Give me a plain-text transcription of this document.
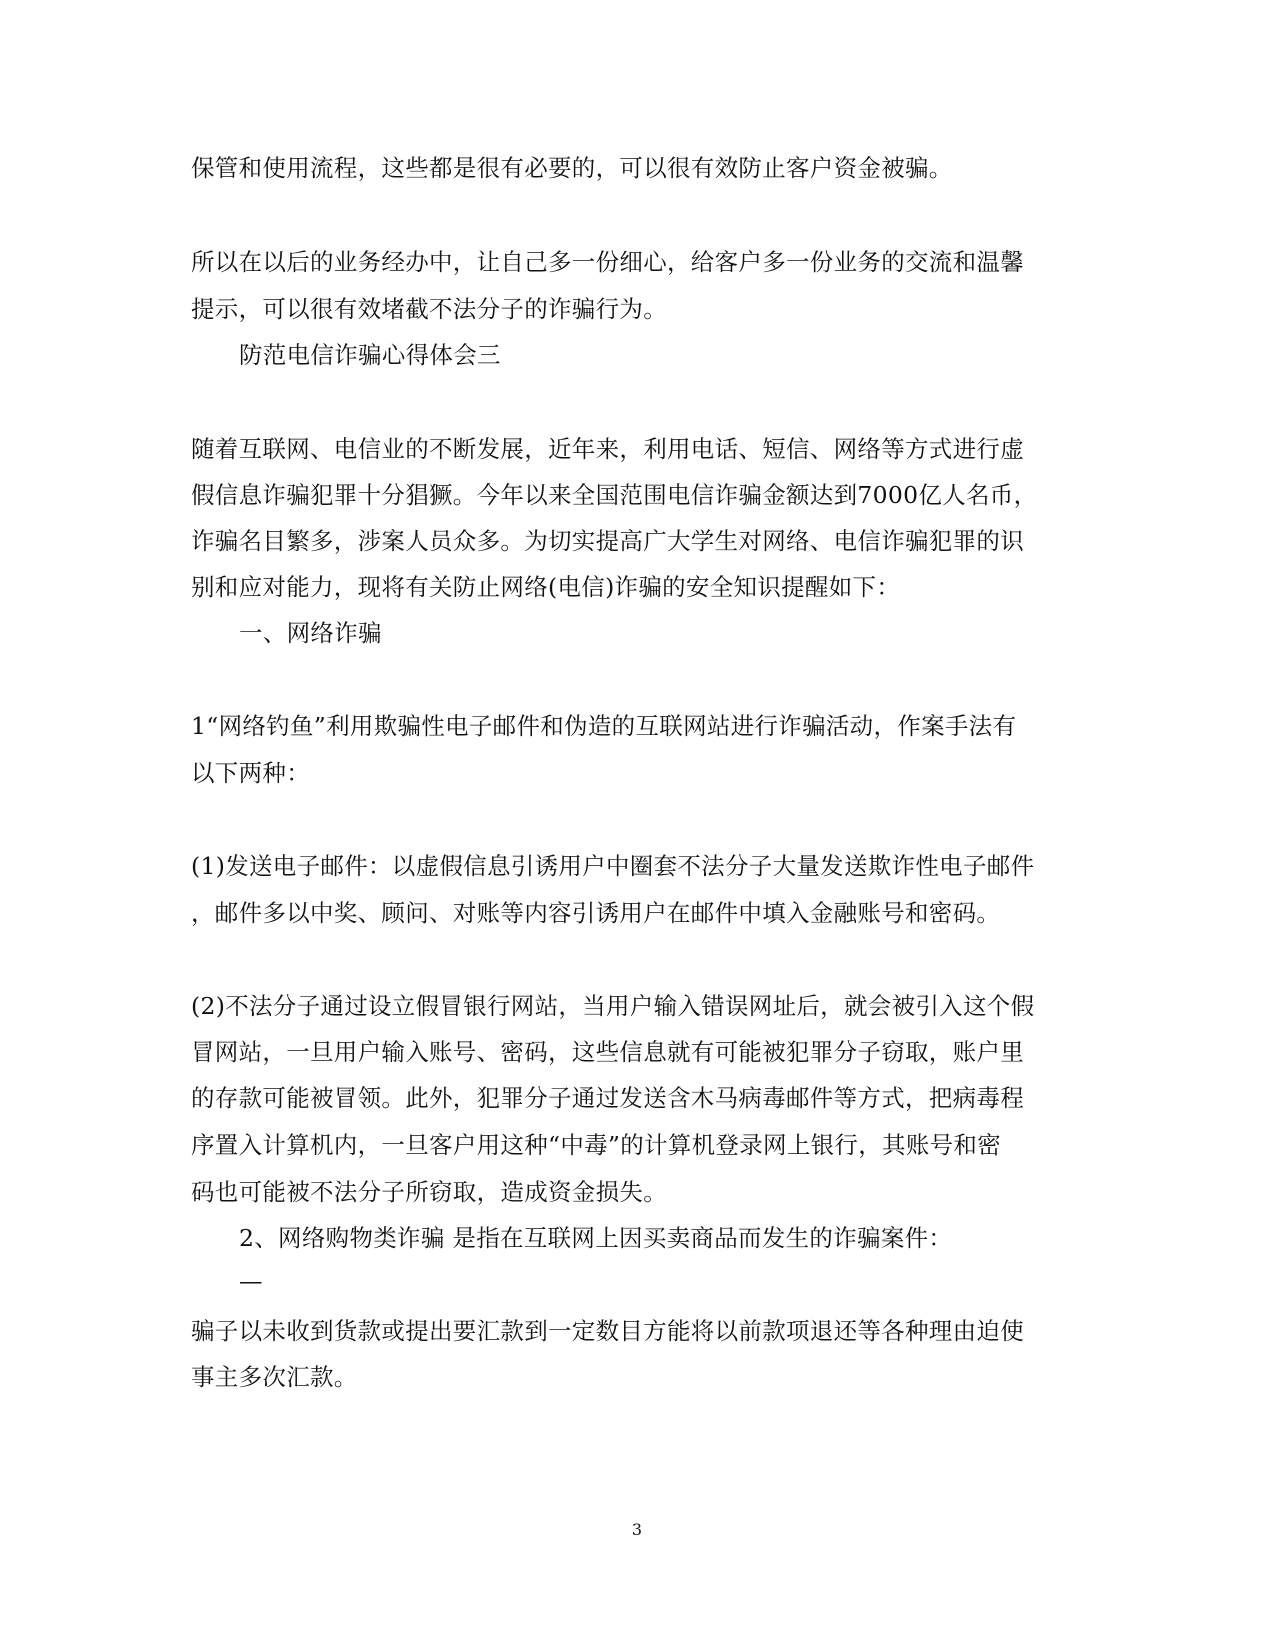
保管和使用流程，这些都是很有必要的，可以很有效防止客户资金被骗。
所以在以后的业务经办中，让自己多一份细心，给客户多一份业务的交流和温馨
提示，可以很有效堵截不法分子的诈骗行为。
防范电信诈骗心得体会三
随着互联网、电信业的不断发展，近年来，利用电话、短信、网络等方式进行虚
假信息诈骗犯罪十分猖獗。今年以来全国范围电信诈骗金额达到7000亿人名币，
诈骗名目繁多，涉案人员众多。为切实提高广大学生对网络、电信诈骗犯罪的识
别和应对能力，现将有关防止网络(电信)诈骗的安全知识提醒如下：
一、网络诈骗
1“网络钓鱼”利用欺骗性电子邮件和伪造的互联网站进行诈骗活动，作案手法有
以下两种：
(1)发送电子邮件：以虚假信息引诱用户中圈套不法分子大量发送欺诈性电子邮件
，邮件多以中奖、顾问、对账等内容引诱用户在邮件中填入金融账号和密码。
(2)不法分子通过设立假冒银行网站，当用户输入错误网址后，就会被引入这个假
冒网站，一旦用户输入账号、密码，这些信息就有可能被犯罪分子窃取，账户里
的存款可能被冒领。此外，犯罪分子通过发送含木马病毒邮件等方式，把病毒程
序置入计算机内，一旦客户用这种“中毒”的计算机登录网上银行，其账号和密
码也可能被不法分子所窃取，造成资金损失。
2、网络购物类诈骗 是指在互联网上因买卖商品而发生的诈骗案件：
—
骗子以未收到货款或提出要汇款到一定数目方能将以前款项退还等各种理由迫使
事主多次汇款。
3
